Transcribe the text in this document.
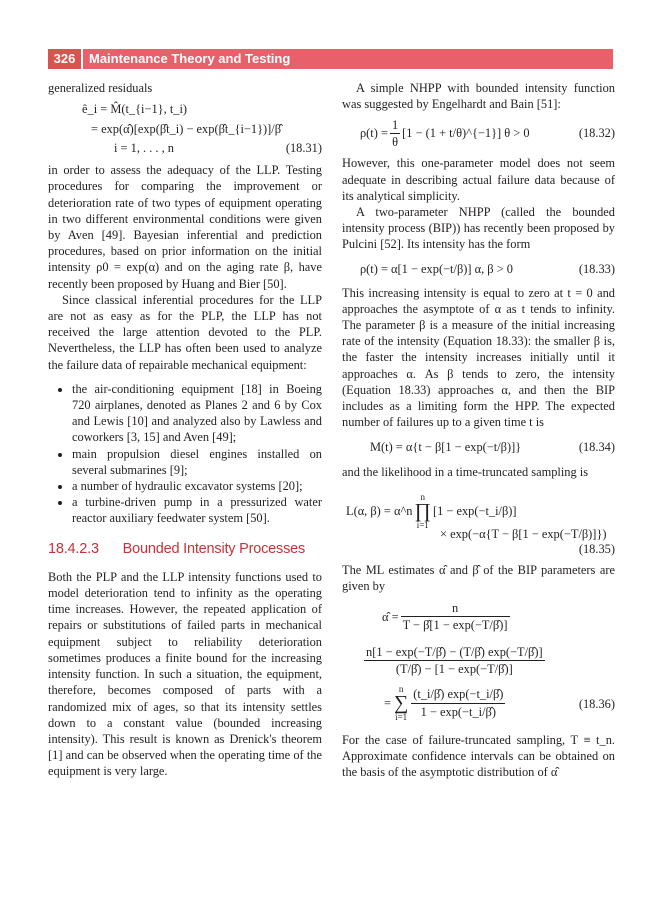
326	Maintenance Theory and Testing

generalized residuals

ê_i = M̂(t_{i−1}, t_i)
= exp(α̂)[exp(β̂t_i) − exp(β̂t_{i−1})]/β̂
i = 1, . . . , n	(18.31)

in order to assess the adequacy of the LLP. Testing procedures for comparing the improvement or deterioration rate of two types of equipment operating in two different environmental conditions were given by Aven [49]. Bayesian inferential and prediction procedures, based on prior information on the initial intensity ρ0 = exp(α) and on the aging rate β, have recently been proposed by Huang and Bier [50].

Since classical inferential procedures for the LLP are not as easy as for the PLP, the LLP has not received the large attention devoted to the PLP. Nevertheless, the LLP has often been used to analyze the failure data of repairable mechanical equipment:

• the air-conditioning equipment [18] in Boeing 720 airplanes, denoted as Planes 2 and 6 by Cox and Lewis [10] and analyzed also by Lawless and coworkers [3, 15] and Aven [49];
• main propulsion diesel engines installed on several submarines [9];
• a number of hydraulic excavator systems [20];
• a turbine-driven pump in a pressurized water reactor auxiliary feedwater system [50].
18.4.2.3 Bounded Intensity Processes

Both the PLP and the LLP intensity functions used to model deterioration tend to infinity as the operating time increases. However, the repeated application of repairs or substitutions of failed parts in mechanical equipment subject to reliability deterioration sometimes produces a finite bound for the increasing intensity function. In such a situation, the equipment, therefore, becomes composed of parts with a randomized mix of ages, so that its intensity settles down to a constant value (bounded increasing intensity). This result is known as Drenick's theorem [1] and can be observed when the operating time of the equipment is very large.

A simple NHPP with bounded intensity function was suggested by Engelhardt and Bain [51]:

$\rho(t) = \frac{1}{\theta} [1 - (1$ + t/θ)^{−1}] θ > 0	(18.32)

However, this one-parameter model does not seem adequate in describing actual failure data because of its analytical simplicity.

A two-parameter NHPP (called the bounded intensity process (BIP)) has recently been proposed by Pulcini [52]. Its intensity has the form

ρ(t) = α[1 − exp(−t/β)] α, β > 0	(18.33)

This increasing intensity is equal to zero at t = 0 and approaches the asymptote of α as t tends to infinity. The parameter β is a measure of the initial increasing rate of the intensity (Equation 18.33): the smaller β is, the faster the intensity increases initially until it approaches α. As β tends to zero, the intensity (Equation 18.33) approaches α, and then the BIP includes as a limiting form the HPP. The expected number of failures up to a given time t is

M(t) = α{t − β[1 − exp(−t/β)]}	(18.34)

and the likelihood in a time-truncated sampling is

L(α, β) = α^n
n
∏
i=1
[1 − exp(−t_i/β)]
× exp(−α{T − β[1 − exp(−T/β)]})
(18.35)

The ML estimates α̂ and β̂ of the BIP parameters are given by

α̂ = $\frac{n}{T - \betâ[1 - \exp(-T/\betâ)]}$
$\frac{n[1 - \exp(-T/\betâ) - (T/\betâ) \exp(-T/\betâ)]}{(T/\betâ) - [1 - \exp(-T/\betâ)]}$
=
n
∑
$i=1 \frac{(t\_i/\betâ) \exp(-t\_i/\betâ)}{1 - \exp(-t\_i/\betâ)}$	(18.36)

For the case of failure-truncated sampling, T ≡ t_n. Approximate confidence intervals can be obtained on the basis of the asymptotic distribution of α̂
